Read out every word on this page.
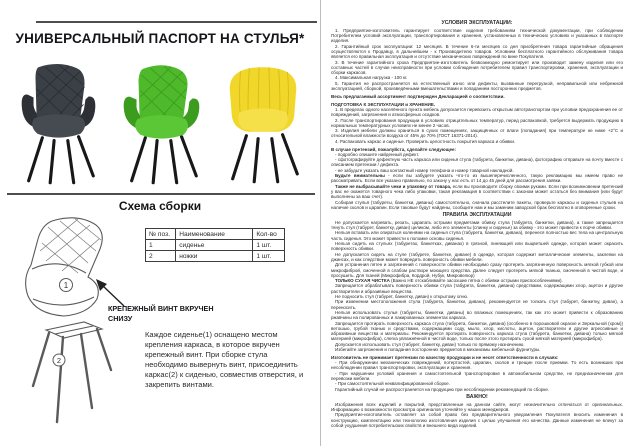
УНИВЕРСАЛЬНЫЙ ПАСПОРТ НА СТУЛЬЯ*
Схема сборки
1
2
№ поз.	Наименование	Кол-во
1	сиденье	1 шт.
2	ножки	1 шт.
КРЕПЕЖНЫЙ ВИНТ ВКРУЧЕН СНИЗУ

Каждое сиденье(1) оснащено местом крепления каркаса, в которое вкручен крепежный винт. При сборке стула необходимо вывернуть винт, присоединить каркас(2) к сиденью, совместив отверстия, и закрепить винтами.

УСЛОВИЯ ЭКСПЛУАТАЦИИ:

1. Предприятие-изготовитель гарантирует соответствие изделия требованиям технической документации, при соблюдении Потребителем условий эксплуатации, транспортирования и хранения, установленных в технических условиях и указанных в паспорте изделия.

2. Гарантийный срок эксплуатации: 12 месяцев. В течение 6-ти месяцев со дня приобретения товара гарантийные обращения осуществляются к Продавцу, в дальнейшем - к Производителю товаров. Условием бесплатного гарантийного обслуживания товара является его правильная эксплуатация и отсутствие механических повреждений по вине Покупателя.

3. В течение гарантийного срока Предприятие-изготовитель безвозмездно ремонтирует или производит замену изделия или его составных частей в случае неисправности при условии соблюдения потребителем правил транспортировки, хранения, эксплуатации и сборки каркасов.

4. Максимальная нагрузка - 100 кг.

5. Гарантия не распространяется на естественный износ или дефекты, вызванные перегрузкой, неправильной или небрежной эксплуатацией, сборкой, произведёнными вмешательствами и попаданием посторонних предметов.

Весь предлагаемый ассортимент подтвержден Декларацией о соответствии.

ПОДГОТОВКА К ЭКСПЛУАТАЦИИ и ХРАНЕНИЕ.

1. В пределах одного населённого пункта мебель допускается перевозить открытым автотранспортом при условии предохранения ее от повреждений, загрязнения и атмосферных осадков.

2. После транспортирования продукции в условиях отрицательных температур, перед распаковкой, требуется выдержать продукцию в нормальных температурных условиях не менее 2 часов.

3. Изделия мебели должны храниться в сухих помещениях, защищённых от влаги (попадания) при температуре не ниже +2°С и относительной влажности воздуха от 45% до 70% (ГОСТ 16371-2014).

4. Распаковать каркас и сиденье. Проверить целостность покрытия каркаса и обивки.

В случае претензий, пожалуйста, сделайте следующее:

- подробно опишите найденный дефект.

- сфотографируйте дефектную часть каркаса или сиденья стула (табурета, банкетки, дивана), фотографию отправьте на почту вместе с описанием претензии / дефекта.

- не забудьте указать ваш контактный номер телефона и номер товарной накладной.

Будьте внимательны - если вы забудете указать что-то из вышеперечисленного, такую рекламацию мы имеем право не рассматривать. Если все указано правильно, по закону у нас есть от 14 до 45 дней для рассмотрения заявки.

Также не выбрасывайте чеки и упаковку от товара, если вы производите сборку своими руками. Если при возникновении претензий у вас не окажется товарного чека либо упаковки, такая рекламация в соответствии с законом может остаться без внимания (или будут выполнены за ваш счет).

Собирая стулья (табуреты, банкетки, диваны) самостоятельно, сначала расстелите пакеты, проверьте каркасы и сиденья стульев на наличие сколов и царапин. Если таковые будут найдены, сообщите нам и мы заменим заводской брак бесплатно в оговоренные сроки.

ПРАВИЛА ЭКСПЛУАТАЦИИ

Не допускается нагревать, резать, царапать острыми предметами обивку стула (табурета, банкетки, дивана), а также запрещается тянуть стул (табурет, банкетку, диван) целиком, либо его элементы (спинку и сиденье) за обивку - это может привести к порче обивки.

Нельзя вставать или опираться коленями на сиденья стула (табурета, банкетки, дивана), перенеся полностью вес тела на центральную часть сиденья. Это может привести к поломке основы сиденья.

Нельзя сидеть на стульях (табуретах, банкетках, диванах) в грязной, линяющей или выцветшей одежде, которая может окрасить поверхность обивки.

Не допускается сидеть на стуле (табурете, банкетке, диване) в одежде, которая содержит металлические элементы, заклепки на джинсах, и как следствие может повредить поверхность обивки мебели.

Для устранения пятен и загрязнений с поверхности обивки необходимо сразу протереть загрязненную поверхность мягкой губкой или микрофиброй, смоченной в слабом растворе моющего средства. Далее следует протереть мягкой тканью, смоченной в чистой воде, и просушить. Для тканей (Микрофибра, Кордрой, Нубук, Микровелюр)

ТОЛЬКО СУХАЯ ЧИСТКА (Важно НЕ отскабливайте засохшие пятна с обивки острыми приспособлениями).

Запрещается обрабатывать поверхность обивки стула (табурета, банкетки, дивана) средствами, содержащими хлор, ацетон и другие растворители и абразивные вещества.

Не подносить стул (табурет, банкетку, диван) к открытому огню.

При изменении местоположения стула (табурета, банкетки, дивана), рекомендуется не толкать стул (табурет, банкетку, диван), а переносить.

Нельзя использовать стулья (табуреты, банкетки, диваны) во влажных помещениях, так как это может привести к образованию ржавчины на полированных и лакированных элементах каркаса.

Запрещается протирать поверхность каркаса стула (табурета, банкетки, дивана) (особенно в порошковой окраске и Зеркальной (хром)) ветошью, грубой тканью и средствами, содержащими соду, мыло, хлор, кислоты, ацетон, растворители и другие агрессивные и абразивные вещества и материалы. Рекомендуется протирать поверхность каркаса стула (табурета, банкетки, дивана) только мягкой материей (микрофибра), слегка увлажнённой в чистой воде, только после этого протирать сухой мягкой материей (микрофибра).

Допускается использовать стул (табурет, банкетку, диван) только по прямому назначению.

Избегайте загрязнения и попадания посторонних предметов в механизмы мебельной фурнитуры.

Изготовитель не принимает претензии по качеству продукции и не несет ответственности в случаях:

- При обнаружении механических повреждений, потертостей, царапин, сколов и трещин после приемки. То есть возникших при несоблюдении правил транспортировки, эксплуатации и хранения.

- При нарушении условий хранения и самостоятельной транспортировке в автомобильном средстве, не предназначенном для перевозки мебели.

- При самостоятельной неквалифицированной сборке.

Гарантийный случай не распространяется на продукцию при несоблюдении рекомендаций по сборке.

ВАЖНО!

Изображения всех изделий и покрытий, представленные на данном сайте, могут незначительно отличаться от оригинальных. Информацию о возможности просмотра оригиналов уточняйте у наших менеджеров.

Предприятие-изготовитель оставляет за собой право без предварительного уведомления Покупателя вносить изменения в конструкцию, комплектацию или технологию изготовления изделия с целью улучшения его качества. Данные изменения не влекут за собой ухудшения потребительских свойств и внешнего вида изделий.
